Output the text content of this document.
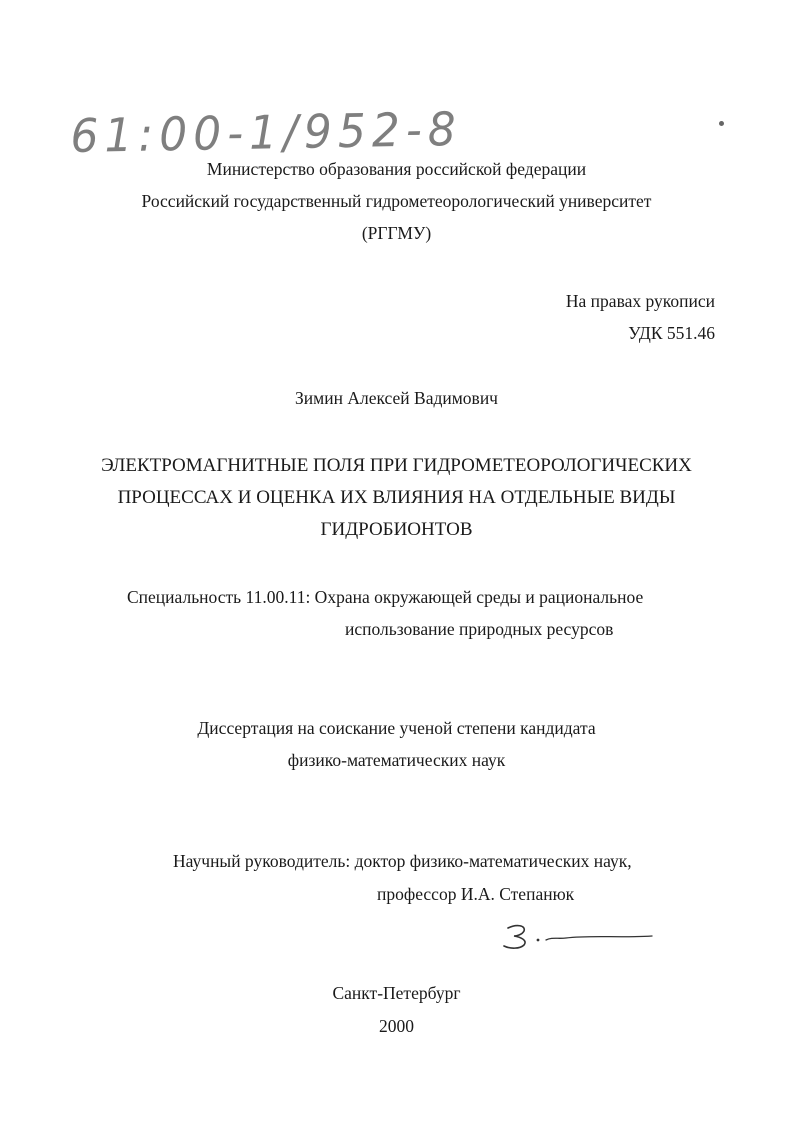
61:00-1/952-8

Министерство образования российской федерации

Российский государственный гидрометеорологический университет

(РГГМУ)

На правах рукописи

УДК 551.46

Зимин Алексей Вадимович

ЭЛЕКТРОМАГНИТНЫЕ ПОЛЯ ПРИ ГИДРОМЕТЕОРОЛОГИЧЕСКИХ

ПРОЦЕССАХ И ОЦЕНКА ИХ ВЛИЯНИЯ НА ОТДЕЛЬНЫЕ ВИДЫ

ГИДРОБИОНТОВ

Специальность 11.00.11: Охрана окружающей среды и рациональное

использование природных ресурсов

Диссертация на соискание ученой степени кандидата

физико-математических наук

Научный руководитель: доктор физико-математических наук,

профессор И.А. Степанюк

Санкт-Петербург

2000
